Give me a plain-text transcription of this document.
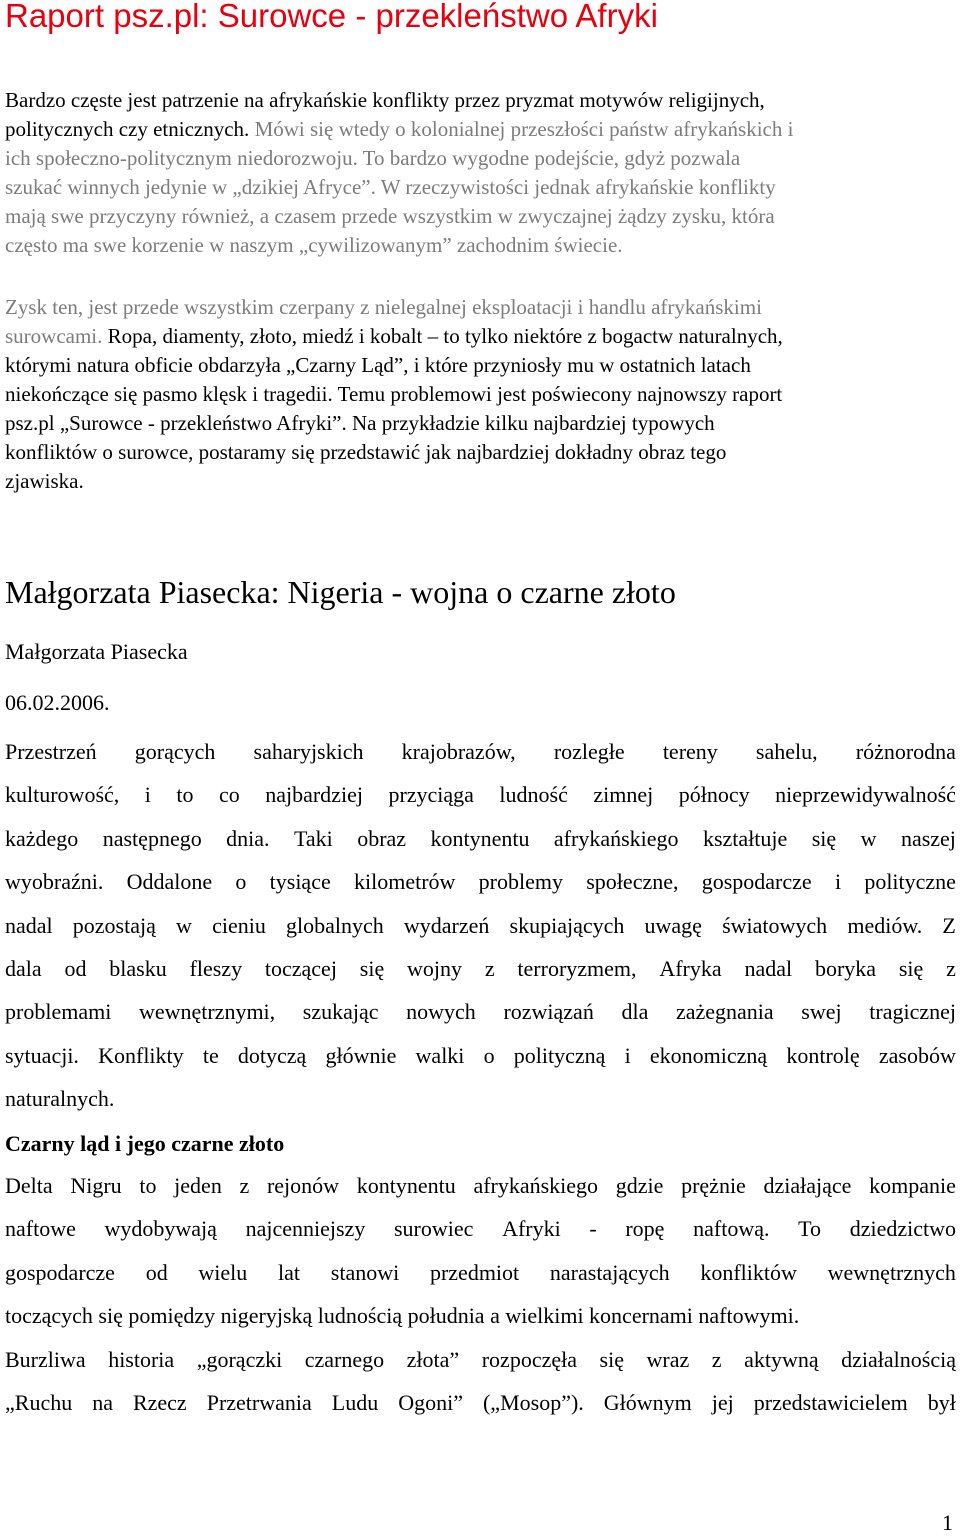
Raport psz.pl: Surowce - przekleństwo Afryki
Bardzo częste jest patrzenie na afrykańskie konflikty przez pryzmat motywów religijnych,
politycznych czy etnicznych. Mówi się wtedy o kolonialnej przeszłości państw afrykańskich i
ich społeczno-politycznym niedorozwoju. To bardzo wygodne podejście, gdyż pozwala
szukać winnych jedynie w „dzikiej Afryce”. W rzeczywistości jednak afrykańskie konflikty
mają swe przyczyny również, a czasem przede wszystkim w zwyczajnej żądzy zysku, która
często ma swe korzenie w naszym „cywilizowanym” zachodnim świecie.
Zysk ten, jest przede wszystkim czerpany z nielegalnej eksploatacji i handlu afrykańskimi
surowcami. Ropa, diamenty, złoto, miedź i kobalt – to tylko niektóre z bogactw naturalnych,
którymi natura obficie obdarzyła „Czarny Ląd”, i które przyniosły mu w ostatnich latach
niekończące się pasmo klęsk i tragedii. Temu problemowi jest poświecony najnowszy raport
psz.pl „Surowce - przekleństwo Afryki”. Na przykładzie kilku najbardziej typowych
konfliktów o surowce, postaramy się przedstawić jak najbardziej dokładny obraz tego
zjawiska.
Małgorzata Piasecka: Nigeria - wojna o czarne złoto

Małgorzata Piasecka

06.02.2006.

Przestrzeń gorących saharyjskich krajobrazów, rozległe tereny sahelu, różnorodna

kulturowość, i to co najbardziej przyciąga ludność zimnej północy nieprzewidywalność

każdego następnego dnia. Taki obraz kontynentu afrykańskiego kształtuje się w naszej

wyobraźni. Oddalone o tysiące kilometrów problemy społeczne, gospodarcze i polityczne

nadal pozostają w cieniu globalnych wydarzeń skupiających uwagę światowych mediów. Z

dala od blasku fleszy toczącej się wojny z terroryzmem, Afryka nadal boryka się z

problemami wewnętrznymi, szukając nowych rozwiązań dla zażegnania swej tragicznej

sytuacji. Konflikty te dotyczą głównie walki o polityczną i ekonomiczną kontrolę zasobów

naturalnych.

Czarny ląd i jego czarne złoto

Delta Nigru to jeden z rejonów kontynentu afrykańskiego gdzie prężnie działające kompanie

naftowe wydobywają najcenniejszy surowiec Afryki - ropę naftową. To dziedzictwo

gospodarcze od wielu lat stanowi przedmiot narastających konfliktów wewnętrznych

toczących się pomiędzy nigeryjską ludnością południa a wielkimi koncernami naftowymi.

Burzliwa historia „gorączki czarnego złota” rozpoczęła się wraz z aktywną działalnością

„Ruchu na Rzecz Przetrwania Ludu Ogoni” („Mosop”). Głównym jej przedstawicielem był

1
